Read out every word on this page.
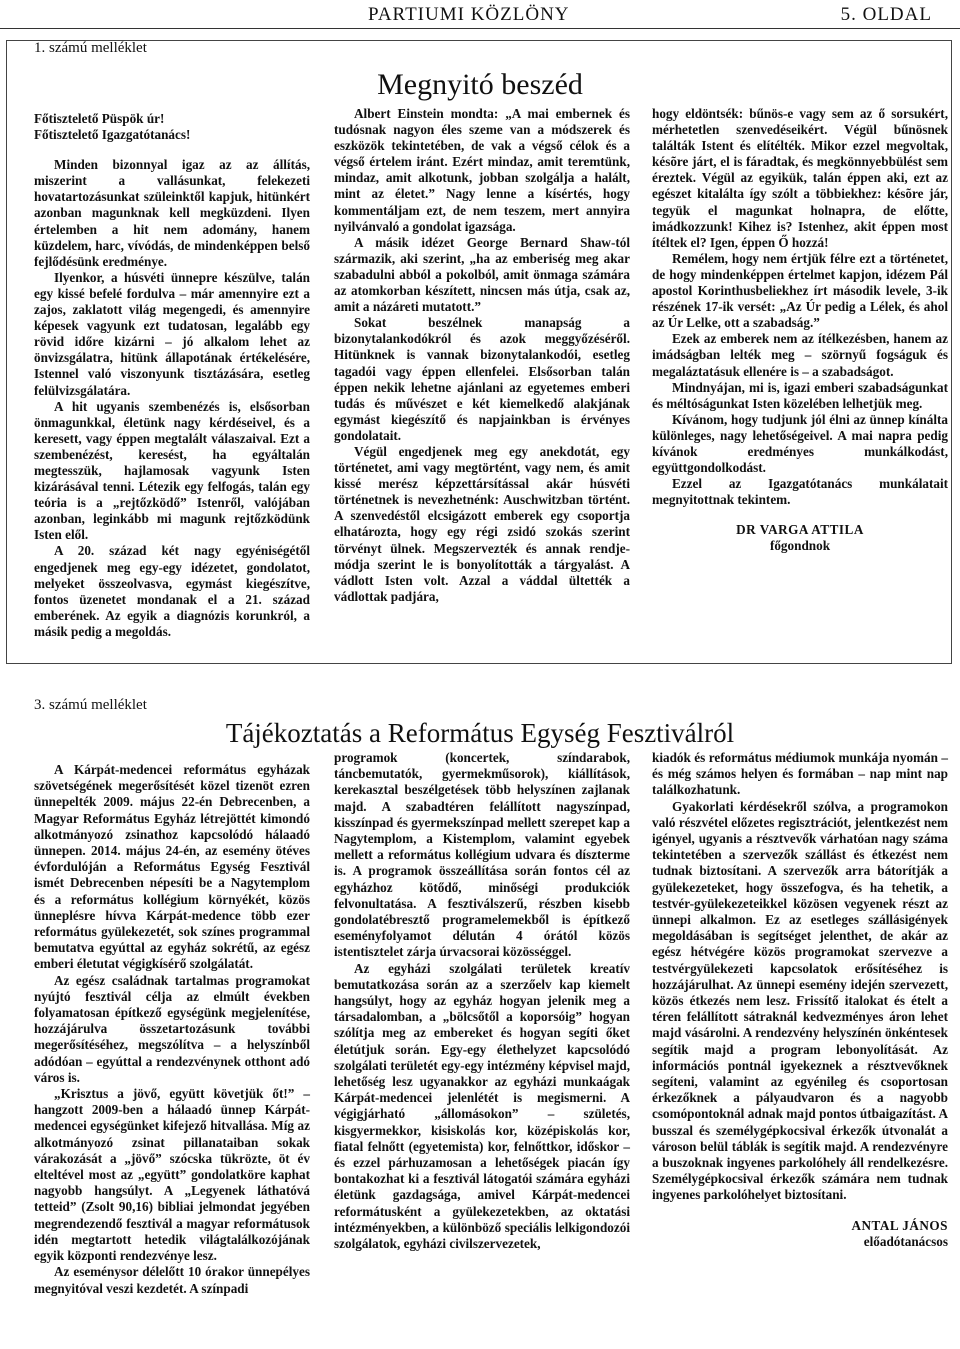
PARTIUMI KÖZLÖNY	5. OLDAL
1. számú melléklet
Megnyitó beszéd

Főtisztelető Püspök úr!

Főtisztelető Igazgatótanács!

Minden bizonnyal igaz az az állítás, miszerint a vallásunkat, felekezeti hovatartozásunkat szüleinktől kapjuk, hitünkért azonban magunknak kell megküzdeni. Ilyen értelemben a hit nem adomány, hanem küzdelem, harc, vívódás, de mindenképpen belső fejlődésünk eredménye.

Ilyenkor, a húsvéti ünnepre készülve, talán egy kissé befelé fordulva – már amennyire ezt a zajos, zaklatott világ megengedi, és amennyire képesek vagyunk ezt tudatosan, legalább egy rövid időre kizárni – jó alkalom lehet az önvizsgálatra, hitünk állapotának értékelésére, Istennel való viszonyunk tisztázására, esetleg felülvizsgálatára.

A hit ugyanis szembenézés is, elsősorban önmagunkkal, életünk nagy kérdéseivel, és a keresett, vagy éppen megtalált válaszaival. Ezt a szembenézést, keresést, ha egyáltalán megtesszük, hajlamosak vagyunk Isten kizárásával tenni. Létezik egy felfogás, talán egy teória is a „rejtőzködő” Istenről, valójában azonban, leginkább mi magunk rejtőzködünk Isten elől.

A 20. század két nagy egyéniségétől engedjenek meg egy-egy idézetet, gondolatot, melyeket összeolvasva, egymást kiegészítve, fontos üzenetet mondanak el a 21. század emberének. Az egyik a diagnózis korunkról, a másik pedig a megoldás.

Albert Einstein mondta: „A mai embernek és tudósnak nagyon éles szeme van a módszerek és eszközök tekintetében, de vak a végső célok és a végső értelem iránt. Ezért mindaz, amit teremtünk, mindaz, amit alkotunk, jobban szolgálja a halált, mint az életet.” Nagy lenne a kísértés, hogy kommentáljam ezt, de nem teszem, mert annyira nyilvánvaló a gondolat igazsága.

A másik idézet George Bernard Shaw-tól származik, aki szerint, „ha az emberiség meg akar szabadulni abból a pokolból, amit önmaga számára az atomkorban készített, nincsen más útja, csak az, amit a názáreti mutatott.”

Sokat beszélnek manapság a bizonytalankodókról és azok meggyőzéséről. Hitünknek is vannak bizonytalankodói, esetleg tagadói vagy éppen ellenfelei. Elsősorban talán éppen nekik lehetne ajánlani az egyetemes emberi tudás és művészet e két kiemelkedő alakjának egymást kiegészítő és napjainkban is érvényes gondolatait.

Végül engedjenek meg egy anekdotát, egy történetet, ami vagy megtörtént, vagy nem, és amit kissé merész képzettársítással akár húsvéti történetnek is nevezhetnénk: Auschwitzban történt. A szenvedéstől elcsigázott emberek egy csoportja elhatározta, hogy egy régi zsidó szokás szerint törvényt ülnek. Megszervezték és annak rendje-módja szerint le is bonyolították a tárgyalást. A vádlott Isten volt. Azzal a váddal ültették a vádlottak padjára,

hogy eldöntsék: bűnös-e vagy sem az ő sorsukért, mérhetetlen szenvedéseikért. Végül bűnösnek találták Istent és elítélték. Mikor ezzel megvoltak, késõre járt, el is fáradtak, és megkönnyebbülést sem éreztek. Végül az egyikük, talán éppen aki, ezt az egészet kitalálta így szólt a többiekhez: késõre jár, tegyük el magunkat holnapra, de előtte, imádkozzunk! Kihez is? Istenhez, akit éppen most ítéltek el? Igen, éppen Ő hozzá!

Remélem, hogy nem értjük félre ezt a történetet, de hogy mindenképpen értelmet kapjon, idézem Pál apostol Korinthusbeliekhez írt második levele, 3-ik részének 17-ik versét: „Az Úr pedig a Lélek, és ahol az Úr Lelke, ott a szabadság.”

Ezek az emberek nem az ítélkezésben, hanem az imádságban lelték meg – szörnyű fogságuk és megaláztatásuk ellenére is – a szabadságot.

Mindnyájan, mi is, igazi emberi szabadságunkat és méltóságunkat Isten közelében lelhetjük meg.

Kívánom, hogy tudjunk jól élni az ünnep kínálta különleges, nagy lehetőségeivel. A mai napra pedig kívánok eredményes munkálkodást, együttgondolkodást.

Ezzel az Igazgatótanács munkálatait megnyitottnak tekintem.

DR VARGA ATTILA

főgondnok

3. számú melléklet
Tájékoztatás a Református Egység Fesztiválról

A Kárpát-medencei református egyházak szövetségének megerősítését közel tizenöt ezren ünnepelték 2009. május 22-én Debrecenben, a Magyar Református Egyház létrejöttét kimondó alkotmányozó zsinathoz kapcsolódó hálaadó ünnepen. 2014. május 24-én, az esemény ötéves évfordulóján a Református Egység Fesztivál ismét Debrecenben népesíti be a Nagytemplom és a református kollégium környékét, közös ünneplésre hívva Kárpát-medence több ezer református gyülekezetét, sok színes programmal bemutatva egyúttal az egyház sokrétű, az egész emberi életutat végigkísérő szolgálatát.

Az egész családnak tartalmas programokat nyújtó fesztivál célja az elmúlt években folyamatosan építkező egységünk megjelenítése, hozzájárulva összetartozásunk további megerősítéséhez, megszólítva – a helyszínből adódóan – egyúttal a rendezvénynek otthont adó város is.

„Krisztus a jövő, együtt követjük őt!” – hangzott 2009-ben a hálaadó ünnep Kárpát-medencei egységünket kifejező hitvallása. Míg az alkotmányozó zsinat pillanataiban sokak várakozását a „jövő” szócska tükrözte, öt év elteltével most az „együtt” gondolatköre kaphat nagyobb hangsúlyt. A „Legyenek láthatóvá tetteid” (Zsolt 90,16) bibliai jelmondat jegyében megrendezendő fesztivál a magyar reformátusok idén megtartott hetedik világtalálkozójának egyik központi rendezvénye lesz.

Az eseménysor délelőtt 10 órakor ünnepélyes megnyitóval veszi kezdetét. A színpadi

programok (koncertek, színdarabok, táncbemutatók, gyermekműsorok), kiállítások, kerekasztal beszélgetések több helyszínen zajlanak majd. A szabadtéren felállított nagyszínpad, kisszínpad és gyermekszínpad mellett szerepet kap a Nagytemplom, a Kistemplom, valamint egyebek mellett a református kollégium udvara és díszterme is. A programok összeállítása során fontos cél az egyházhoz kötődő, minőségi produkciók felvonultatása. A fesztiválszerű, részben kisebb gondolatébresztő programelemekből is építkező eseményfolyamot délután 4 órától közös istentisztelet zárja úrvacsorai közösséggel.

Az egyházi szolgálati területek kreatív bemutatkozása során az a szerzőelv kap kiemelt hangsúlyt, hogy az egyház hogyan jelenik meg a társadalomban, a „bölcsőtől a koporsóig” hogyan szólítja meg az embereket és hogyan segíti őket életútjuk során. Egy-egy élethelyzet kapcsolódó szolgálati területét egy-egy intézmény képvisel majd, lehetőség lesz ugyanakkor az egyházi munkaágak Kárpát-medencei jelenlétét is megismerni. A végigjárható „állomásokon” – születés, kisgyermekkor, kisiskolás kor, középiskolás kor, fiatal felnőtt (egyetemista) kor, felnőttkor, időskor – és ezzel párhuzamosan a lehetőségek piacán így bontakozhat ki a fesztivál látogatói számára egyházi életünk gazdagsága, amivel Kárpát-medencei reformátusként a gyülekezetekben, az oktatási intézményekben, a különböző speciális lelkigondozói szolgálatok, egyházi civilszervezetek,

kiadók és református médiumok munkája nyomán – és még számos helyen és formában – nap mint nap találkozhatunk.

Gyakorlati kérdésekről szólva, a programokon való részvétel előzetes regisztrációt, jelentkezést nem igényel, ugyanis a résztvevők várhatóan nagy száma tekintetében a szervezők szállást és étkezést nem tudnak biztosítani. A szervezők arra bátorítják a gyülekezeteket, hogy összefogva, és ha tehetik, a testvér-gyülekezeteikkel közösen vegyenek részt az ünnepi alkalmon. Ez az esetleges szállásigények megoldásában is segítséget jelenthet, de akár az egész hétvégére közös programokat szervezve a testvérgyülekezeti kapcsolatok erősítéséhez is hozzájárulhat. Az ünnepi esemény idején szervezett, közös étkezés nem lesz. Frissítő italokat és ételt a téren felállított sátraknál kedvezményes áron lehet majd vásárolni. A rendezvény helyszínén önkéntesek segítik majd a program lebonyolítását. Az információs pontnál igyekeznek a résztvevőknek segíteni, valamint az egyénileg és csoportosan érkezőknek a pályaudvaron és a nagyobb csomópontoknál adnak majd pontos útbaigazítást. A busszal és személygépkocsival érkezők útvonalát a városon belül táblák is segítik majd. A rendezvényre a buszoknak ingyenes parkolóhely áll rendelkezésre. Személygépkocsival érkezők számára nem tudnak ingyenes parkolóhelyet biztosítani.

ANTAL JÁNOS

előadótanácsos
